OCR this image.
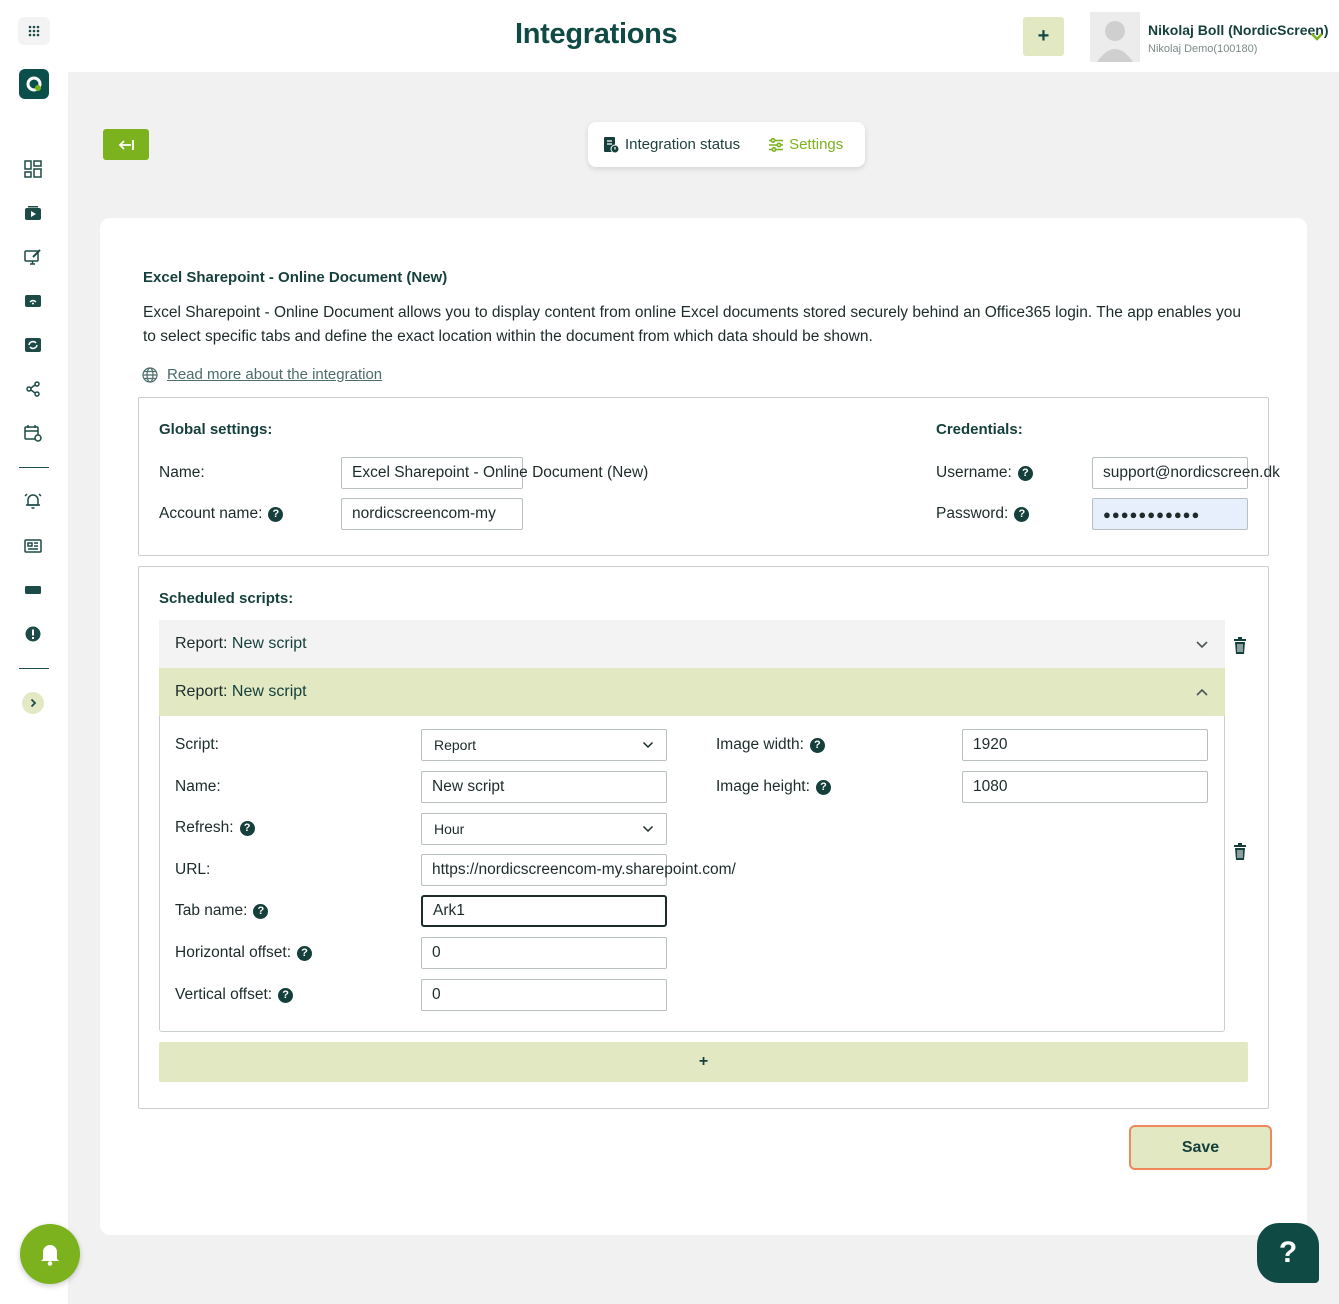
Integrations	+	Nikolaj Boll (NordicScreen)
Nikolaj Demo(100180)
Integration status	Settings
Excel Sharepoint - Online Document (New)
Excel Sharepoint - Online Document allows you to display content from online Excel documents stored securely behind an Office365 login. The app enables you to select specific tabs and define the exact location within the document from which data should be shown.
Read more about the integration
Global settings:
Name:	Excel Sharepoint - Online Document (New)
Account name: ?	nordicscreencom-my
Credentials:
Username: ?	support@nordicscreen.dk
Password: ?	●●●●●●●●●●●
Scheduled scripts:
Report: New script
Report: New script
Script:	Report
Name:	New script
Refresh: ?	Hour
URL:	https://nordicscreencom-my.sharepoint.com/
Tab name: ?	Ark1
Horizontal offset: ?	0
Vertical offset: ?	0
Image width: ?	1920
Image height: ?	1080
+
Save
?
